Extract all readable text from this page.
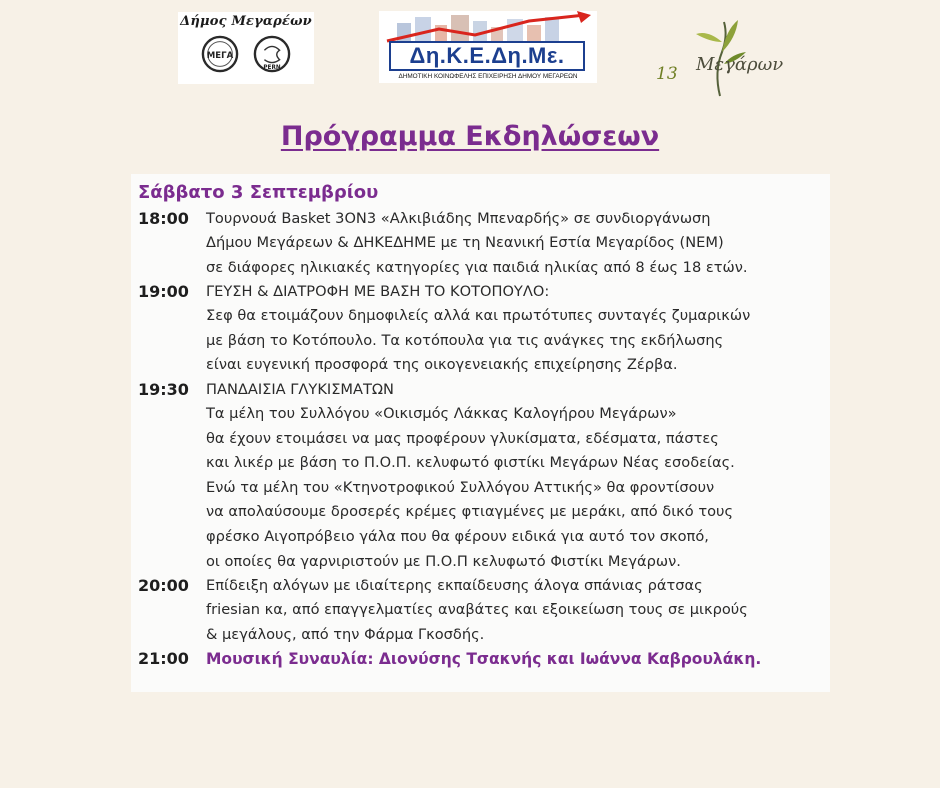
Δήμος Μεγαρέων
ΜΕΓΑ
PERN
Δη.Κ.Ε.Δη.Με.
ΔΗΜΟΤΙΚΗ ΚΟΙΝΩΦΕΛΗΣ ΕΠΙΧΕΙΡΗΣΗ ΔΗΜΟΥ ΜΕΓΑΡΕΩΝ	13 Μεγάρων
Πρόγραμμα Εκδηλώσεων
Σάββατο 3 Σεπτεμβρίου
18:00	Τουρνουά Basket 3ON3 «Αλκιβιάδης Μπεναρδής» σε συνδιοργάνωση
Δήμου Μεγάρεων & ΔΗΚΕΔΗΜΕ με τη Νεανική Εστία Μεγαρίδος (ΝΕΜ)
σε διάφορες ηλικιακές κατηγορίες για παιδιά ηλικίας από 8 έως 18 ετών.
19:00	ΓΕΥΣΗ & ΔΙΑΤΡΟΦΗ ΜΕ ΒΑΣΗ ΤΟ ΚΟΤΟΠΟΥΛΟ:
Σεφ θα ετοιμάζουν δημοφιλείς αλλά και πρωτότυπες συνταγές ζυμαρικών
με βάση το Κοτόπουλο. Τα κοτόπουλα για τις ανάγκες της εκδήλωσης
είναι ευγενική προσφορά της οικογενειακής επιχείρησης Ζέρβα.
19:30	ΠΑΝΔΑΙΣΙΑ ΓΛΥΚΙΣΜΑΤΩΝ
Τα μέλη του Συλλόγου «Οικισμός Λάκκας Καλογήρου Μεγάρων»
θα έχουν ετοιμάσει να μας προφέρουν γλυκίσματα, εδέσματα, πάστες
και λικέρ με βάση το Π.Ο.Π. κελυφωτό φιστίκι Μεγάρων Νέας εσοδείας.
Ενώ τα μέλη του «Κτηνοτροφικού Συλλόγου Αττικής» θα φροντίσουν
να απολαύσουμε δροσερές κρέμες φτιαγμένες με μεράκι, από δικό τους
φρέσκο Αιγοπρόβειο γάλα που θα φέρουν ειδικά για αυτό τον σκοπό,
οι οποίες θα γαρνιριστούν με Π.Ο.Π κελυφωτό Φιστίκι Μεγάρων.
20:00	Επίδειξη αλόγων με ιδιαίτερης εκπαίδευσης άλογα σπάνιας ράτσας
friesian κα, από επαγγελματίες αναβάτες και εξοικείωση τους σε μικρούς
& μεγάλους, από την Φάρμα Γκοσδής.
21:00	Μουσική Συναυλία: Διονύσης Τσακνής και Ιωάννα Καβρουλάκη.
